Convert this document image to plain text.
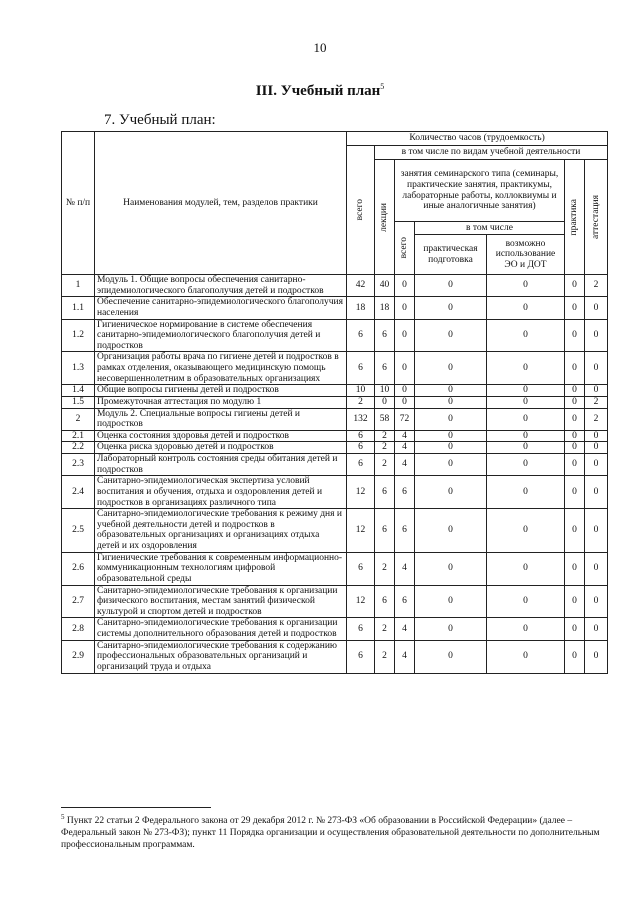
10
III. Учебный план$^5$
7. Учебный план:
№ п/п	Наименования модулей, тем, разделов практики	Количество часов (трудоемкость)						

		всего	в том числе по видам учебной деятельности					

			лекции	занятия семинарского типа (семинары, практические занятия, практикумы, лабораторные работы, коллоквиумы и иные аналогичные занятия)			практика	аттестация

				всего	в том числе			
					практическая подготовка	возможно использование ЭО и ДОТ		
1	Модуль 1. Общие вопросы обеспечения санитарно-эпидемиологического благополучия детей и подростков	42	40	0	0	0	0	2
1.1	Обеспечение санитарно-эпидемиологического благополучия населения	18	18	0	0	0	0	0
1.2	Гигиеническое нормирование в системе обеспечения санитарно-эпидемиологического благополучия детей и подростков	6	6	0	0	0	0	0
1.3	Организация работы врача по гигиене детей и подростков в рамках отделения, оказывающего медицинскую помощь несовершеннолетним в образовательных организациях	6	6	0	0	0	0	0
1.4	Общие вопросы гигиены детей и подростков	10	10	0	0	0	0	0
1.5	Промежуточная аттестация по модулю 1	2	0	0	0	0	0	2
2	Модуль 2. Специальные вопросы гигиены детей и подростков	132	58	72	0	0	0	2
2.1	Оценка состояния здоровья детей и подростков	6	2	4	0	0	0	0
2.2	Оценка риска здоровью детей и подростков	6	2	4	0	0	0	0
2.3	Лабораторный контроль состояния среды обитания детей и подростков	6	2	4	0	0	0	0
2.4	Санитарно-эпидемиологическая экспертиза условий воспитания и обучения, отдыха и оздоровления детей и подростков в организациях различного типа	12	6	6	0	0	0	0
2.5	Санитарно-эпидемиологические требования к режиму дня и учебной деятельности детей и подростков в образовательных организациях и организациях отдыха детей и их оздоровления	12	6	6	0	0	0	0
2.6	Гигиенические требования к современным информационно-коммуникационным технологиям цифровой образовательной среды	6	2	4	0	0	0	0
2.7	Санитарно-эпидемиологические требования к организации физического воспитания, местам занятий физической культурой и спортом детей и подростков	12	6	6	0	0	0	0
2.8	Санитарно-эпидемиологические требования к организации системы дополнительного образования детей и подростков	6	2	4	0	0	0	0
2.9	Санитарно-эпидемиологические требования к содержанию профессиональных образовательных организаций и организаций труда и отдыха	6	2	4	0	0	0	0
$^5$ Пункт 22 статьи 2 Федерального закона от 29 декабря 2012 г. № 273-ФЗ «Об образовании в Российской Федерации» (далее – Федеральный закон № 273-ФЗ); пункт 11 Порядка организации и осуществления образовательной деятельности по дополнительным профессиональным программам.
